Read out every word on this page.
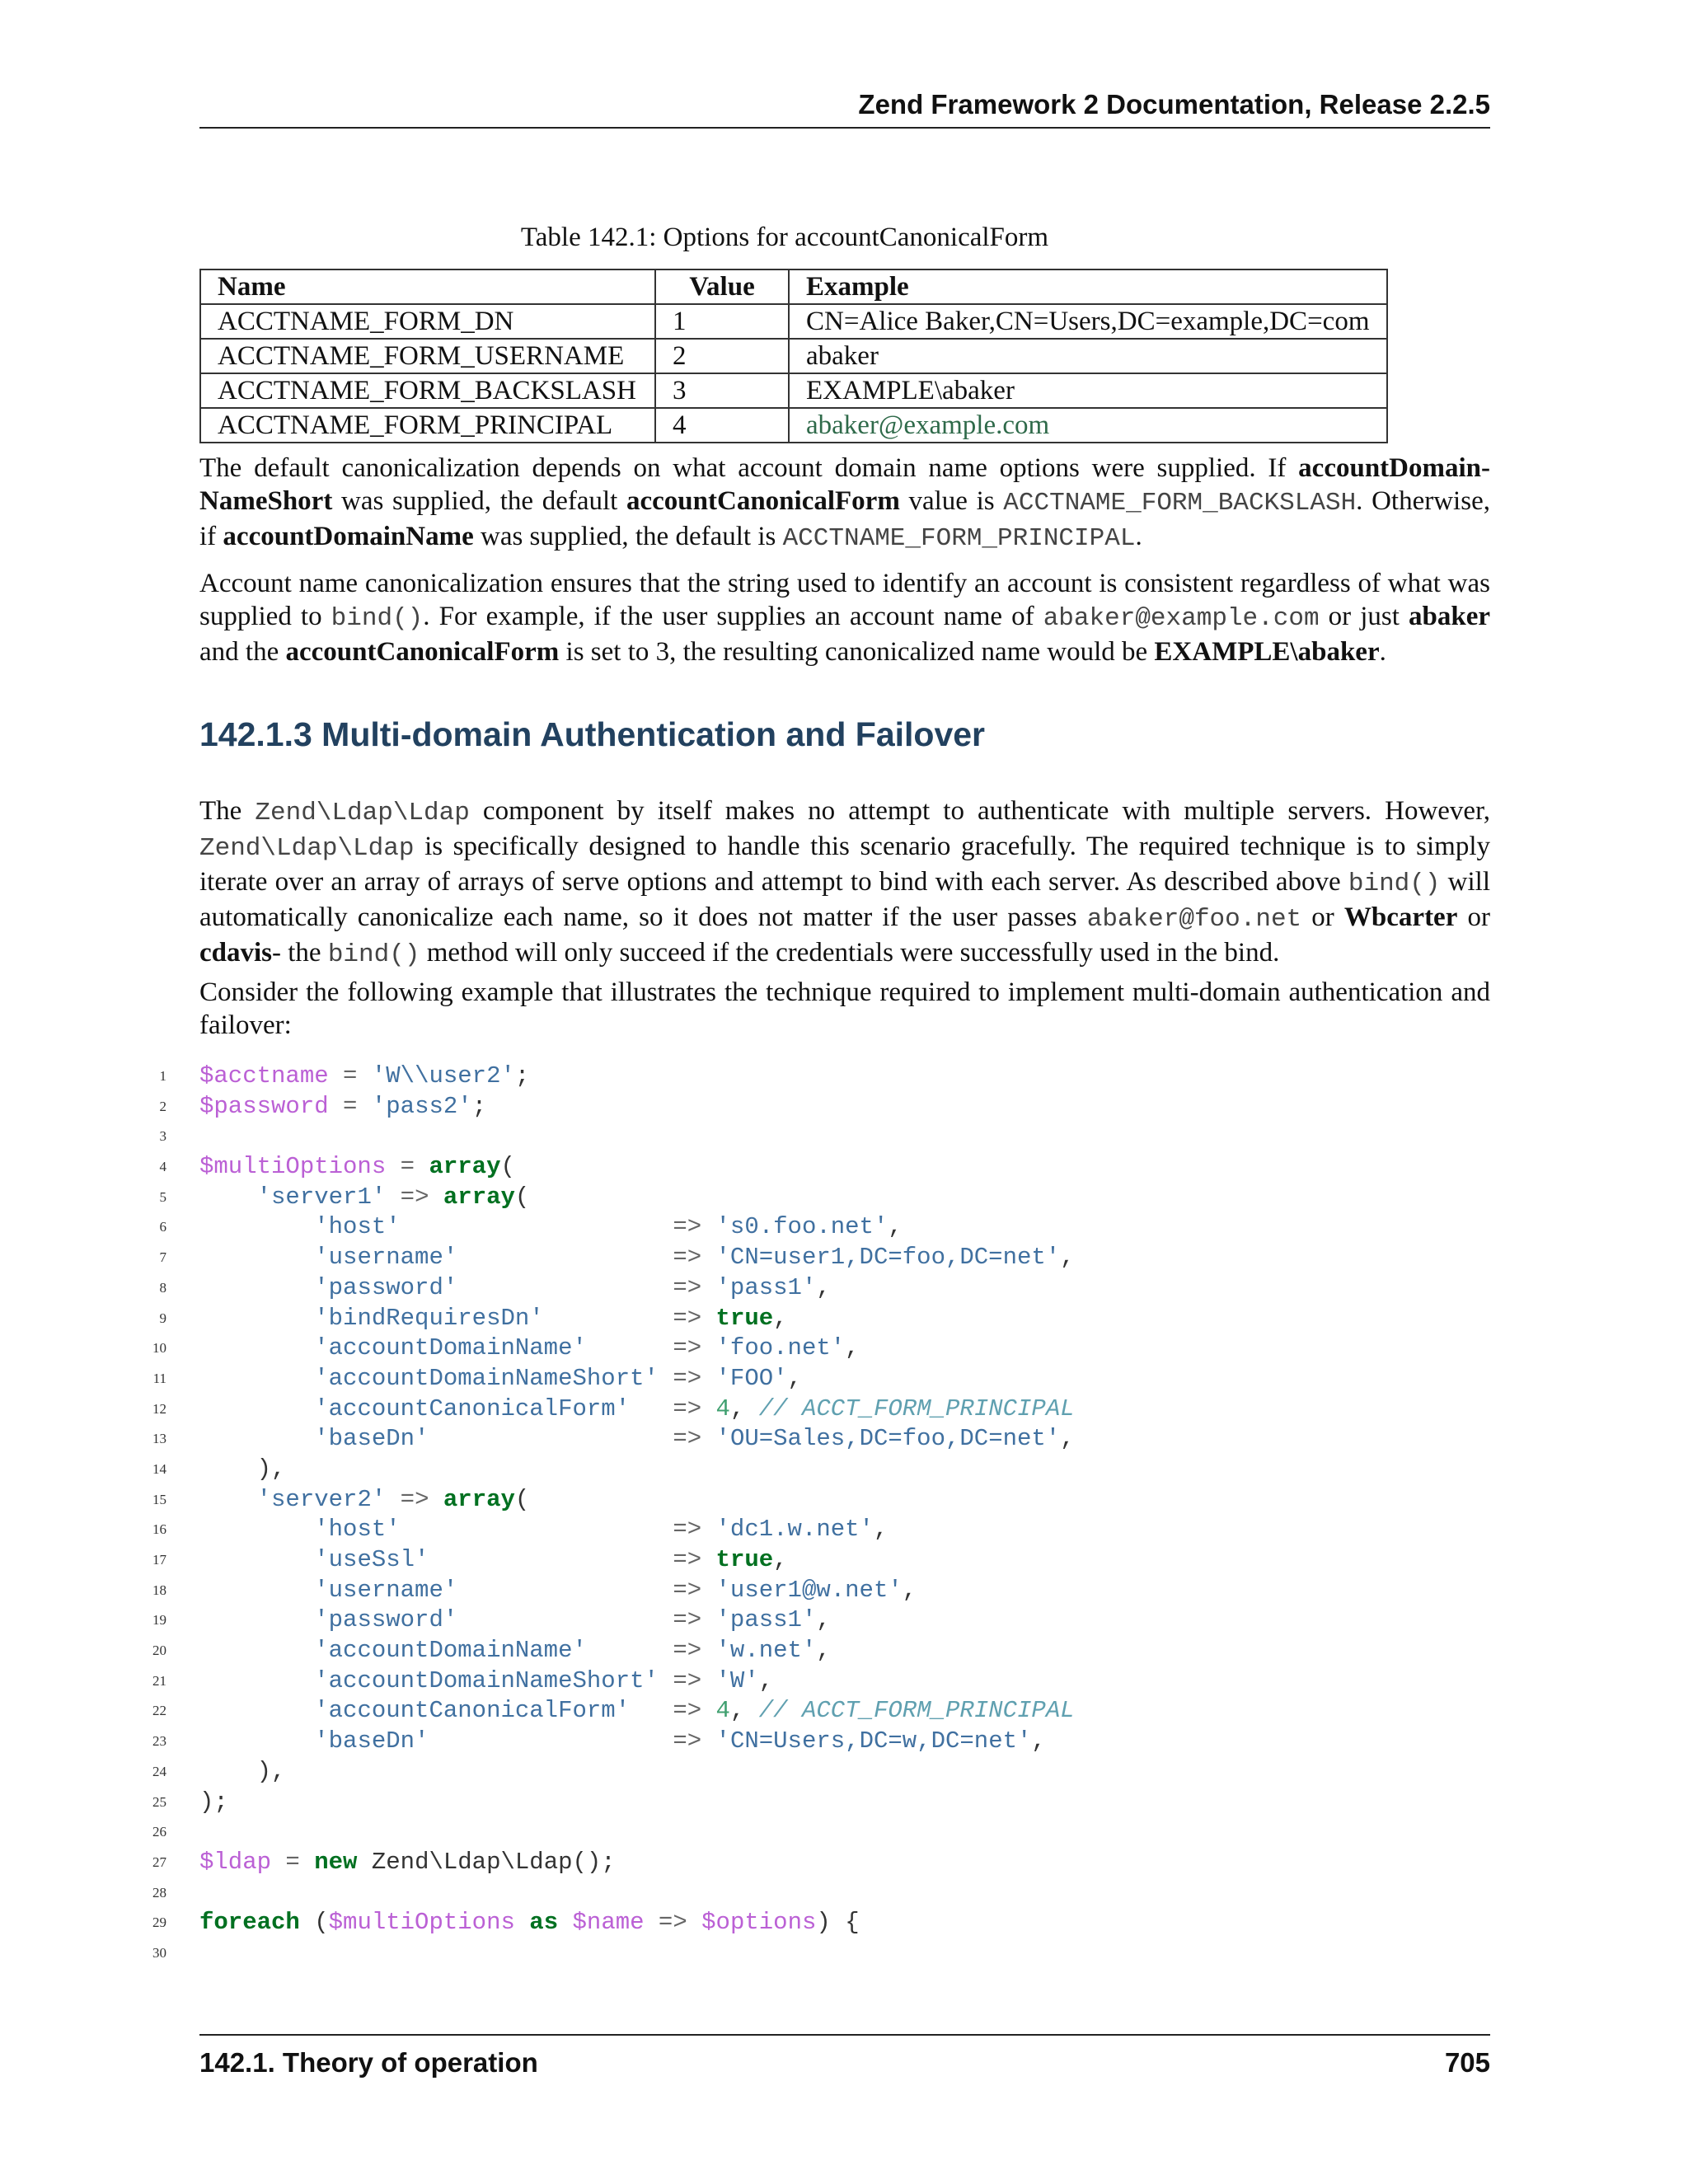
Zend Framework 2 Documentation, Release 2.2.5
Table 142.1: Options for accountCanonicalForm
Name	Value	Example
ACCTNAME_FORM_DN	1	CN=Alice Baker,CN=Users,DC=example,DC=com
ACCTNAME_FORM_USERNAME	2	abaker
ACCTNAME_FORM_BACKSLASH	3	EXAMPLE\abaker
ACCTNAME_FORM_PRINCIPAL	4	abaker@example.com

The default canonicalization depends on what account domain name options were supplied. If accountDomain-NameShort was supplied, the default accountCanonicalForm value is ACCTNAME_FORM_BACKSLASH. Otherwise, if accountDomainName was supplied, the default is ACCTNAME_FORM_PRINCIPAL.

Account name canonicalization ensures that the string used to identify an account is consistent regardless of what was supplied to bind(). For example, if the user supplies an account name of abaker@example.com or just abaker and the accountCanonicalForm is set to 3, the resulting canonicalized name would be EXAMPLE\abaker.

142.1.3 Multi-domain Authentication and Failover

The Zend\Ldap\Ldap component by itself makes no attempt to authenticate with multiple servers. However, Zend\Ldap\Ldap is specifically designed to handle this scenario gracefully. The required technique is to simply iterate over an array of arrays of serve options and attempt to bind with each server. As described above bind() will automatically canonicalize each name, so it does not matter if the user passes abaker@foo.net or Wbcarter or cdavis- the bind() method will only succeed if the credentials were successfully used in the bind.

Consider the following example that illustrates the technique required to implement multi-domain authentication and failover:

1 $acctname = 'W\\user2';
2 $password = 'pass2';
3
4 $multiOptions = array(
5	'server1' => array(
6	'host'	=> 's0.foo.net',
7	'username'	=> 'CN=user1,DC=foo,DC=net',
8	'password'	=> 'pass1',
9	'bindRequiresDn'	=> true,
10	'accountDomainName'	=> 'foo.net',
11	'accountDomainNameShort' => 'FOO',
12	'accountCanonicalForm' => 4, // ACCT_FORM_PRINCIPAL
13	'baseDn'	=> 'OU=Sales,DC=foo,DC=net',
14 ),
15	'server2' => array(
16	'host'	=> 'dc1.w.net',
17	'useSsl'	=> true,
18	'username'	=> 'user1@w.net',
19	'password'	=> 'pass1',
20	'accountDomainName'	=> 'w.net',
21	'accountDomainNameShort' => 'W',
22	'accountCanonicalForm' => 4, // ACCT_FORM_PRINCIPAL
23	'baseDn'	=> 'CN=Users,DC=w,DC=net',
24 ),
25 );
26
27 $ldap = new Zend\Ldap\Ldap();
28
29 foreach ($multiOptions as $name => $options) {
30
142.1. Theory of operation	705
